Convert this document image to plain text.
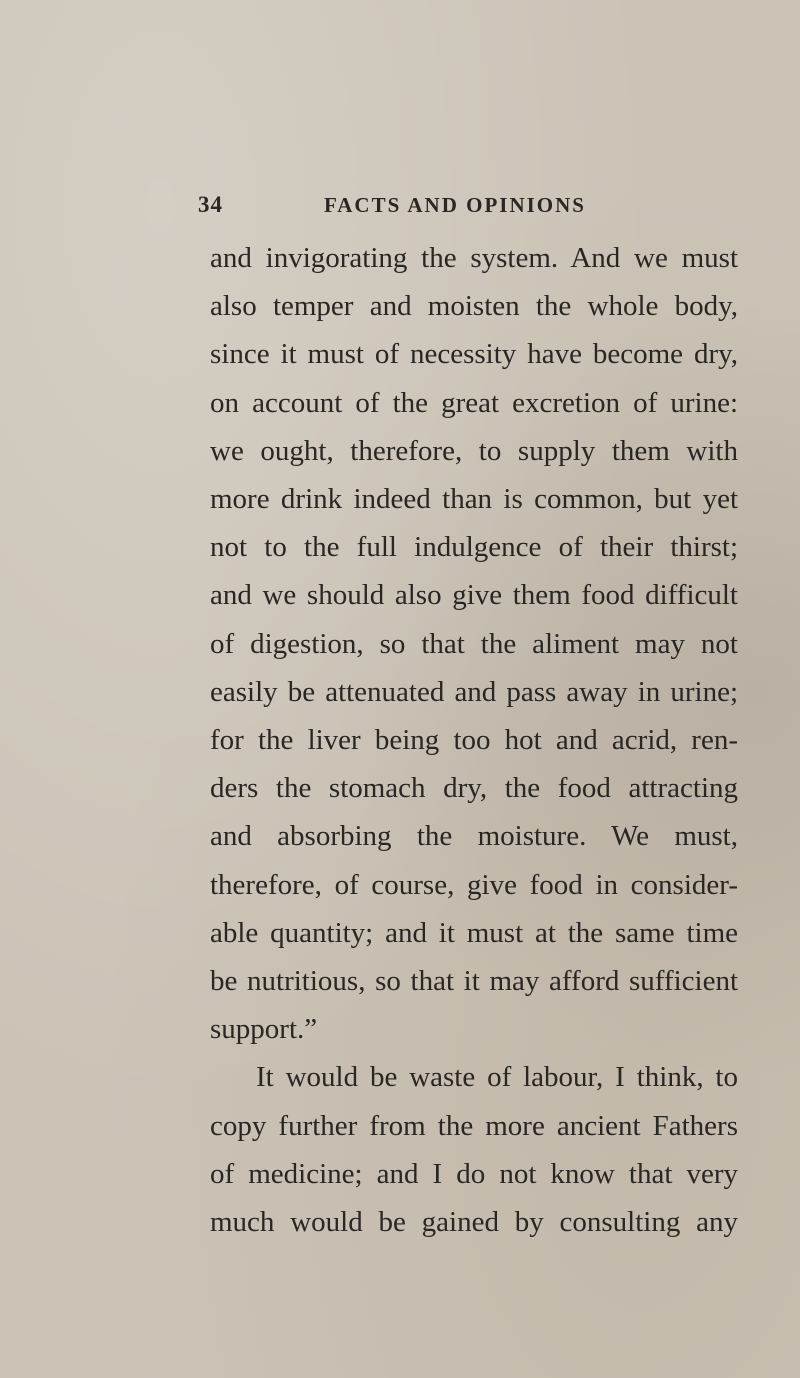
34	FACTS AND OPINIONS
and invigorating the system. And we must
also temper and moisten the whole body,
since it must of necessity have become dry,
on account of the great excretion of urine:
we ought, therefore, to supply them with
more drink indeed than is common, but yet
not to the full indulgence of their thirst;
and we should also give them food difficult
of digestion, so that the aliment may not
easily be attenuated and pass away in urine;
for the liver being too hot and acrid, ren-
ders the stomach dry, the food attracting
and absorbing the moisture. We must,
therefore, of course, give food in consider-
able quantity; and it must at the same time
be nutritious, so that it may afford sufficient
support.”
It would be waste of labour, I think, to
copy further from the more ancient Fathers
of medicine; and I do not know that very
much would be gained by consulting any
